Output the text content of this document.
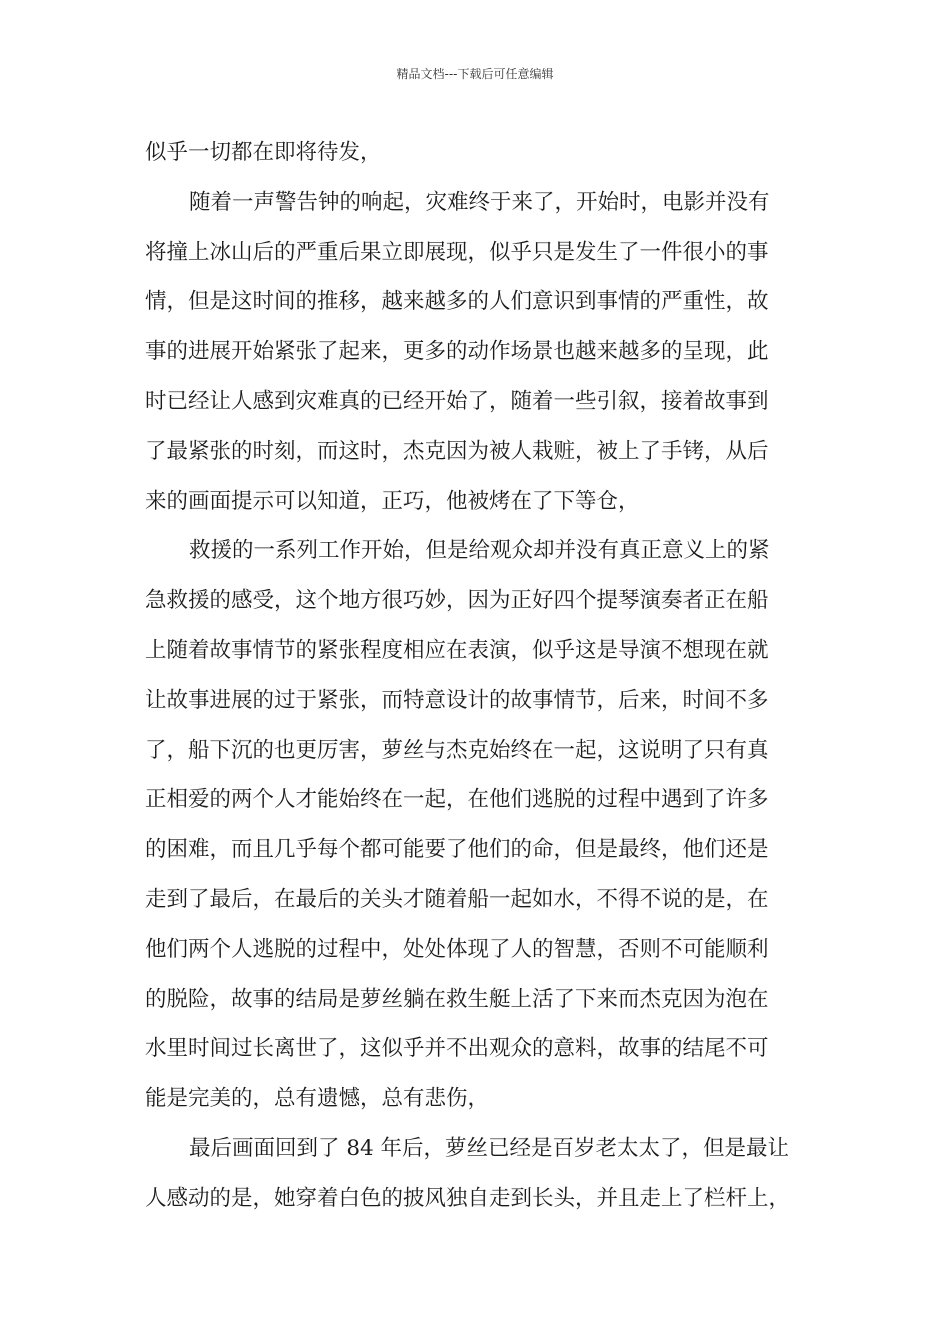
精品文档---下载后可任意编辑
似乎一切都在即将待发，
随着一声警告钟的响起，灾难终于来了，开始时，电影并没有
将撞上冰山后的严重后果立即展现，似乎只是发生了一件很小的事
情，但是这时间的推移，越来越多的人们意识到事情的严重性，故
事的进展开始紧张了起来，更多的动作场景也越来越多的呈现，此
时已经让人感到灾难真的已经开始了，随着一些引叙，接着故事到
了最紧张的时刻，而这时，杰克因为被人栽赃，被上了手铐，从后
来的画面提示可以知道，正巧，他被烤在了下等仓，
救援的一系列工作开始，但是给观众却并没有真正意义上的紧
急救援的感受，这个地方很巧妙，因为正好四个提琴演奏者正在船
上随着故事情节的紧张程度相应在表演，似乎这是导演不想现在就
让故事进展的过于紧张，而特意设计的故事情节，后来，时间不多
了，船下沉的也更厉害，萝丝与杰克始终在一起，这说明了只有真
正相爱的两个人才能始终在一起，在他们逃脱的过程中遇到了许多
的困难，而且几乎每个都可能要了他们的命，但是最终，他们还是
走到了最后，在最后的关头才随着船一起如水，不得不说的是，在
他们两个人逃脱的过程中，处处体现了人的智慧，否则不可能顺利
的脱险，故事的结局是萝丝躺在救生艇上活了下来而杰克因为泡在
水里时间过长离世了，这似乎并不出观众的意料，故事的结尾不可
能是完美的，总有遗憾，总有悲伤，
最后画面回到了 84 年后，萝丝已经是百岁老太太了，但是最让
人感动的是，她穿着白色的披风独自走到长头，并且走上了栏杆上，
